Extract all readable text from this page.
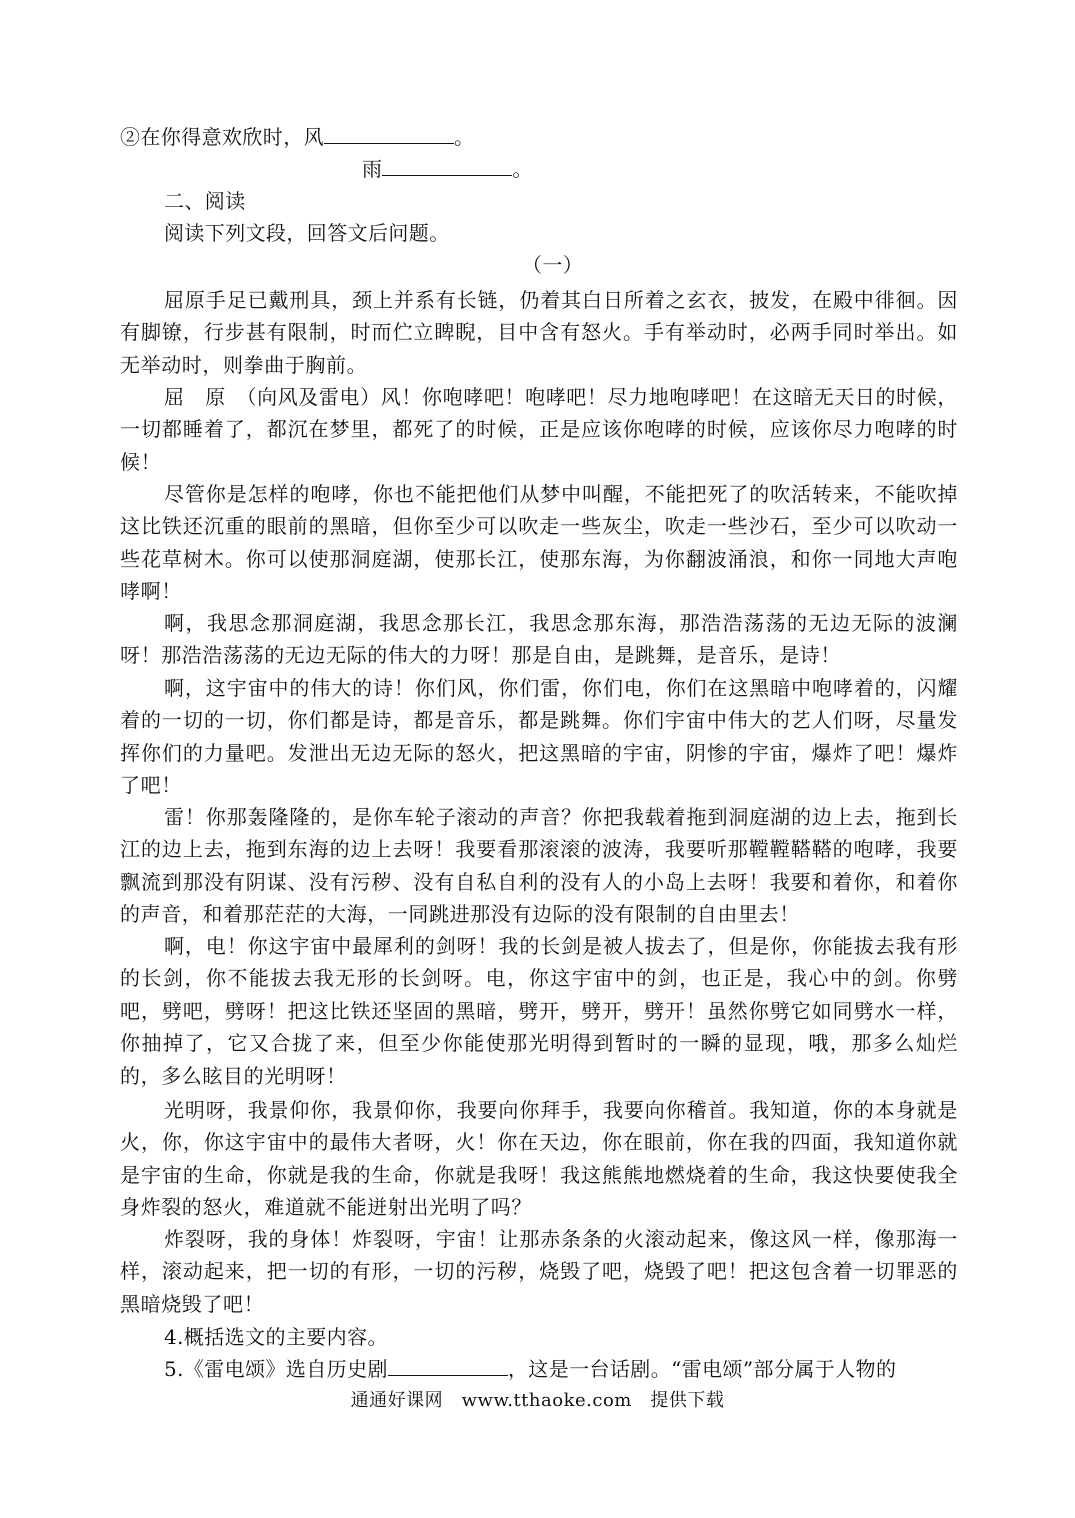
②在你得意欢欣时，风	。
雨	。
二、阅读
阅读下列文段，回答文后问题。
（一）
屈原手足已戴刑具，颈上并系有长链，仍着其白日所着之玄衣，披发，在殿中徘徊。因有脚镣，行步甚有限制，时而伫立睥睨，目中含有怒火。手有举动时，必两手同时举出。如无举动时，则拳曲于胸前。
屈　原　（向风及雷电）风！你咆哮吧！咆哮吧！尽力地咆哮吧！在这暗无天日的时候，一切都睡着了，都沉在梦里，都死了的时候，正是应该你咆哮的时候，应该你尽力咆哮的时候！
尽管你是怎样的咆哮，你也不能把他们从梦中叫醒，不能把死了的吹活转来，不能吹掉这比铁还沉重的眼前的黑暗，但你至少可以吹走一些灰尘，吹走一些沙石，至少可以吹动一些花草树木。你可以使那洞庭湖，使那长江，使那东海，为你翻波涌浪，和你一同地大声咆哮啊！
啊，我思念那洞庭湖，我思念那长江，我思念那东海，那浩浩荡荡的无边无际的波澜呀！那浩浩荡荡的无边无际的伟大的力呀！那是自由，是跳舞，是音乐，是诗！
啊，这宇宙中的伟大的诗！你们风，你们雷，你们电，你们在这黑暗中咆哮着的，闪耀着的一切的一切，你们都是诗，都是音乐，都是跳舞。你们宇宙中伟大的艺人们呀，尽量发挥你们的力量吧。发泄出无边无际的怒火，把这黑暗的宇宙，阴惨的宇宙，爆炸了吧！爆炸了吧！
雷！你那轰隆隆的，是你车轮子滚动的声音？你把我载着拖到洞庭湖的边上去，拖到长江的边上去，拖到东海的边上去呀！我要看那滚滚的波涛，我要听那鞺鞺鞳鞳的咆哮，我要飘流到那没有阴谋、没有污秽、没有自私自利的没有人的小岛上去呀！我要和着你，和着你的声音，和着那茫茫的大海，一同跳进那没有边际的没有限制的自由里去！
啊，电！你这宇宙中最犀利的剑呀！我的长剑是被人拔去了，但是你，你能拔去我有形的长剑，你不能拔去我无形的长剑呀。电，你这宇宙中的剑，也正是，我心中的剑。你劈吧，劈吧，劈呀！把这比铁还坚固的黑暗，劈开，劈开，劈开！虽然你劈它如同劈水一样，你抽掉了，它又合拢了来，但至少你能使那光明得到暂时的一瞬的显现，哦，那多么灿烂的，多么眩目的光明呀！
光明呀，我景仰你，我景仰你，我要向你拜手，我要向你稽首。我知道，你的本身就是火，你，你这宇宙中的最伟大者呀，火！你在天边，你在眼前，你在我的四面，我知道你就是宇宙的生命，你就是我的生命，你就是我呀！我这熊熊地燃烧着的生命，我这快要使我全身炸裂的怒火，难道就不能迸射出光明了吗？
炸裂呀，我的身体！炸裂呀，宇宙！让那赤条条的火滚动起来，像这风一样，像那海一样，滚动起来，把一切的有形，一切的污秽，烧毁了吧，烧毁了吧！把这包含着一切罪恶的黑暗烧毁了吧！
4.概括选文的主要内容。
5.《雷电颂》选自历史剧	，这是一台话剧。“雷电颂”部分属于人物的
通通好课网　www.tthaoke.com　提供下载
